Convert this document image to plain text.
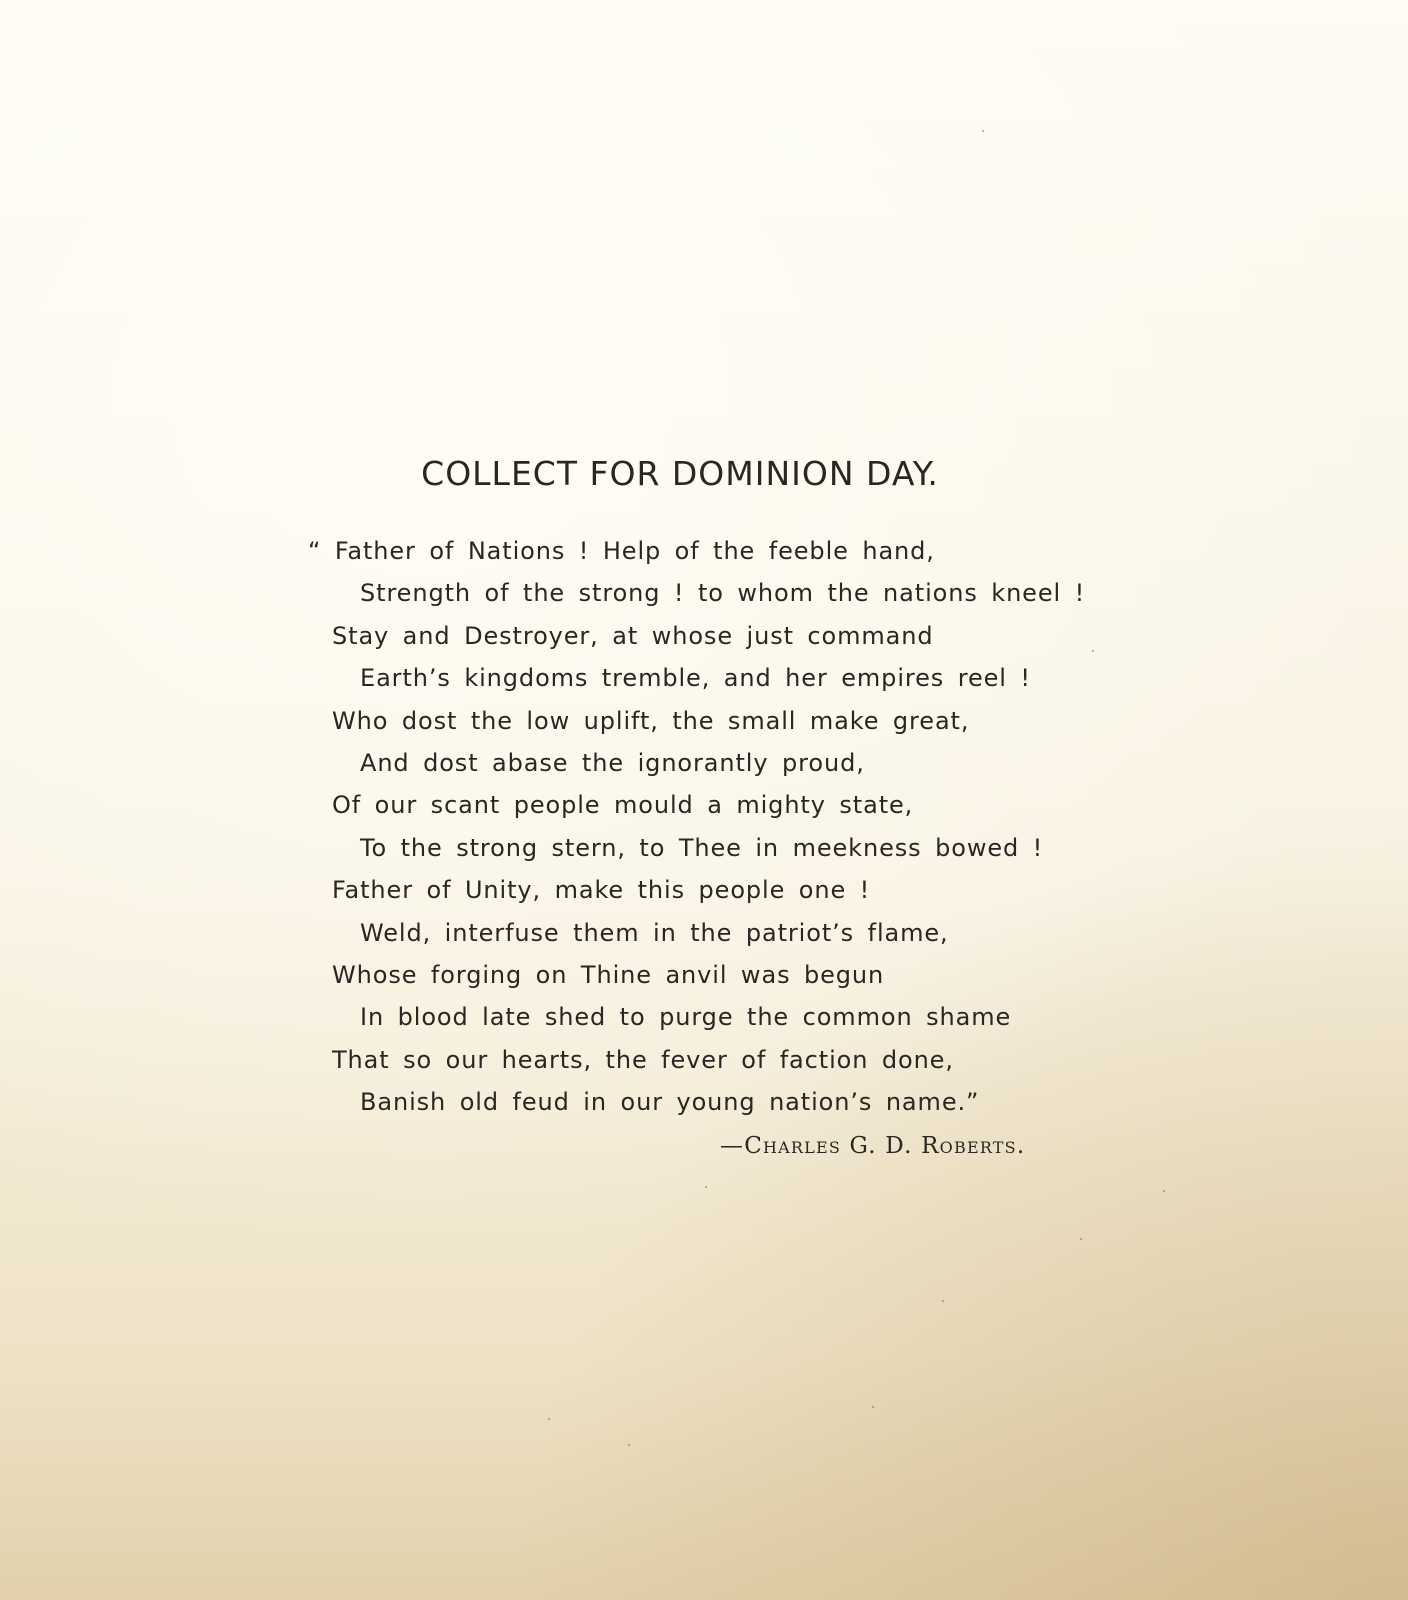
COLLECT FOR DOMINION DAY.
“ Father of Nations ! Help of the feeble hand,
Strength of the strong ! to whom the nations kneel !
Stay and Destroyer, at whose just command
Earth’s kingdoms tremble, and her empires reel !
Who dost the low uplift, the small make great,
And dost abase the ignorantly proud,
Of our scant people mould a mighty state,
To the strong stern, to Thee in meekness bowed !
Father of Unity, make this people one !
Weld, interfuse them in the patriot’s flame,
Whose forging on Thine anvil was begun
In blood late shed to purge the common shame
That so our hearts, the fever of faction done,
Banish old feud in our young nation’s name.”
—Charles G. D. Roberts.
